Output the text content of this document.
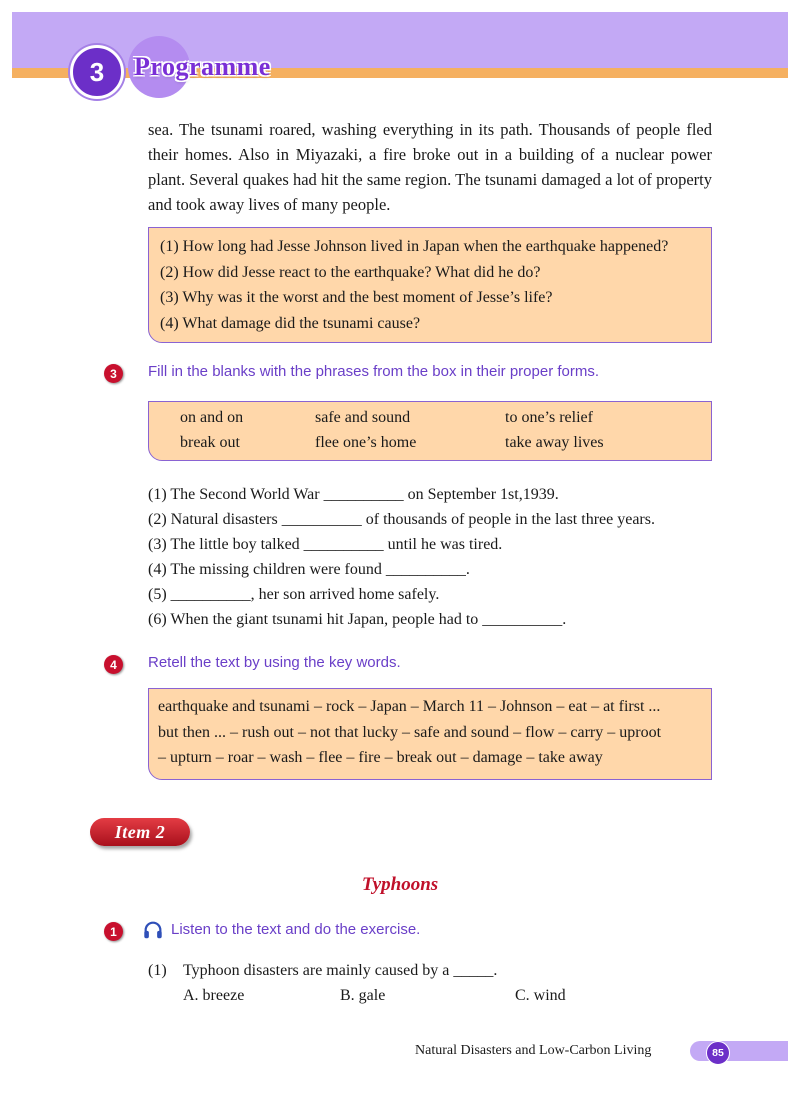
3	Programme

sea. The tsunami roared, washing everything in its path. Thousands of people fled their homes. Also in Miyazaki, a fire broke out in a building of a nuclear power plant. Several quakes had hit the same region. The tsunami damaged a lot of property and took away lives of many people.

(1) How long had Jesse Johnson lived in Japan when the earthquake happened?
(2) How did Jesse react to the earthquake? What did he do?
(3) Why was it the worst and the best moment of Jesse’s life?
(4) What damage did the tsunami cause?
3	Fill in the blanks with the phrases from the box in their proper forms.
on and on	safe and sound	to one’s relief
break out	flee one’s home	take away lives
(1) The Second World War __________ on September 1st,1939.
(2) Natural disasters __________ of thousands of people in the last three years.
(3) The little boy talked __________ until he was tired.
(4) The missing children were found __________.
(5) __________, her son arrived home safely.
(6) When the giant tsunami hit Japan, people had to __________.
4	Retell the text by using the key words.
earthquake and tsunami – rock – Japan – March 11 – Johnson – eat – at first ...
but then ... – rush out – not that lucky – safe and sound – flow – carry – uproot
– upturn – roar – wash – flee – fire – break out – damage – take away
Item 2
Typhoons
1	Listen to the text and do the exercise.
(1) Typhoon disasters are mainly caused by a _____.
A. breeze	B. gale	C. wind
Natural Disasters and Low-Carbon Living	85
